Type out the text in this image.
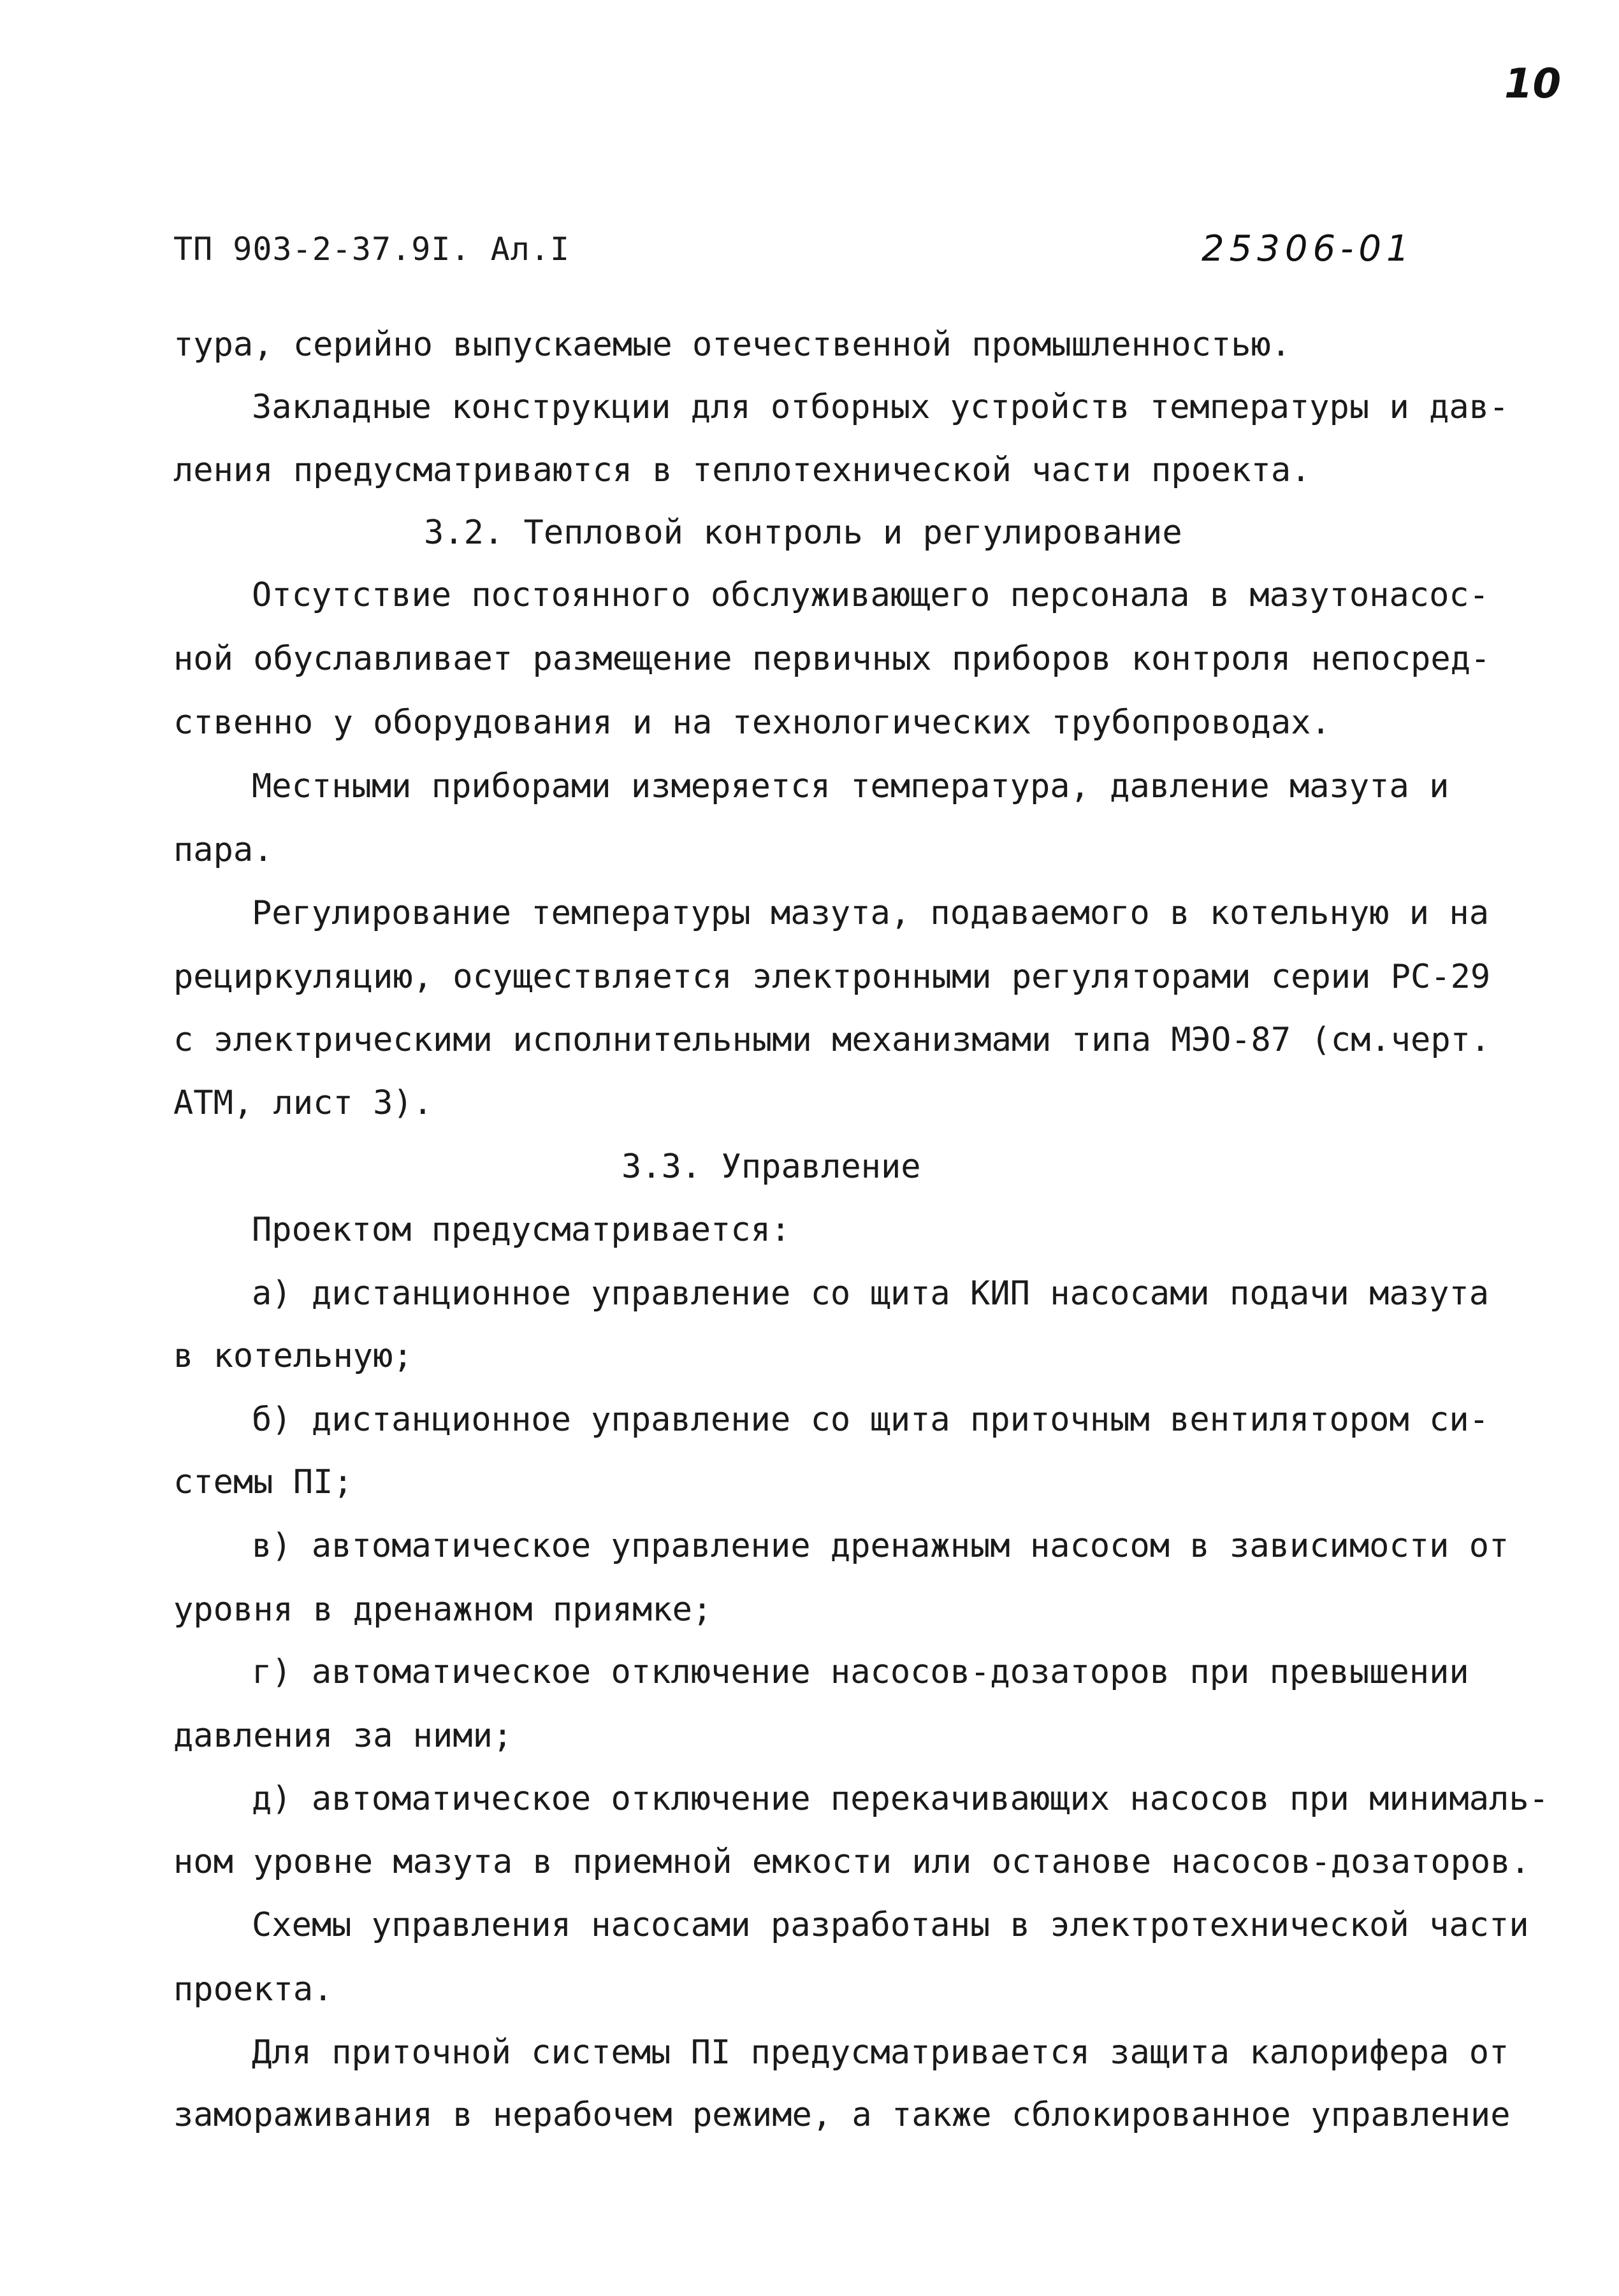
10
ТП 903-2-37.9I. Ал.I	25306-01
тура, серийно выпускаемые отечественной промышленностью.
Закладные конструкции для отборных устройств температуры и дав-
ления предусматриваются в теплотехнической части проекта.
3.2. Тепловой контроль и регулирование
Отсутствие постоянного обслуживающего персонала в мазутонасос-
ной обуславливает размещение первичных приборов контроля непосред-
ственно у оборудования и на технологических трубопроводах.
Местными приборами измеряется температура, давление мазута и
пара.
Регулирование температуры мазута, подаваемого в котельную и на
рециркуляцию, осуществляется электронными регуляторами серии РС-29
с электрическими исполнительными механизмами типа МЭО-87 (см.черт.
АТМ, лист 3).
3.3. Управление
Проектом предусматривается:
а) дистанционное управление со щита КИП насосами подачи мазута
в котельную;
б) дистанционное управление со щита приточным вентилятором си-
стемы ПI;
в) автоматическое управление дренажным насосом в зависимости от
уровня в дренажном приямке;
г) автоматическое отключение насосов-дозаторов при превышении
давления за ними;
д) автоматическое отключение перекачивающих насосов при минималь-
ном уровне мазута в приемной емкости или останове насосов-дозаторов.
Схемы управления насосами разработаны в электротехнической части
проекта.
Для приточной системы ПI предусматривается защита калорифера от
замораживания в нерабочем режиме, а также сблокированное управление
